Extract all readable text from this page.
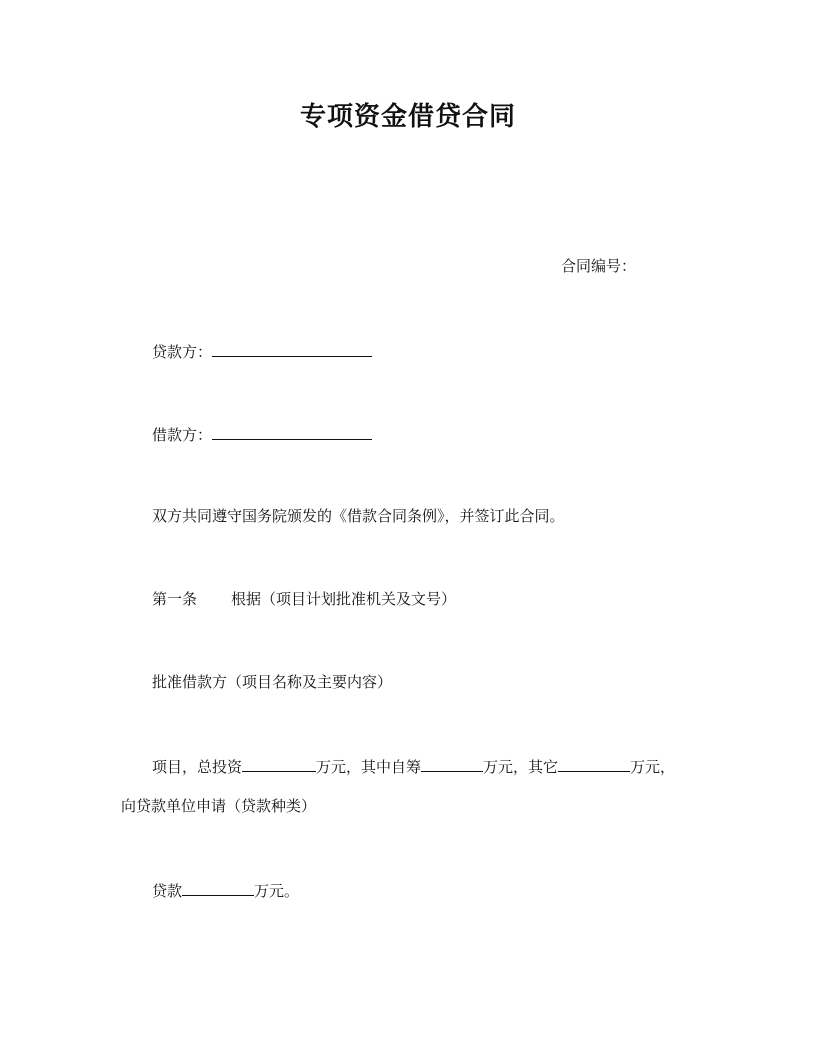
专项资金借贷合同
合同编号：
贷款方：
借款方：
双方共同遵守国务院颁发的《借款合同条例》，并签订此合同。
第一条 根据（项目计划批准机关及文号）
批准借款方（项目名称及主要内容）
项目，总投资	万元，其中自筹	万元，其它	万元，
向贷款单位申请（贷款种类）
贷款	万元。
